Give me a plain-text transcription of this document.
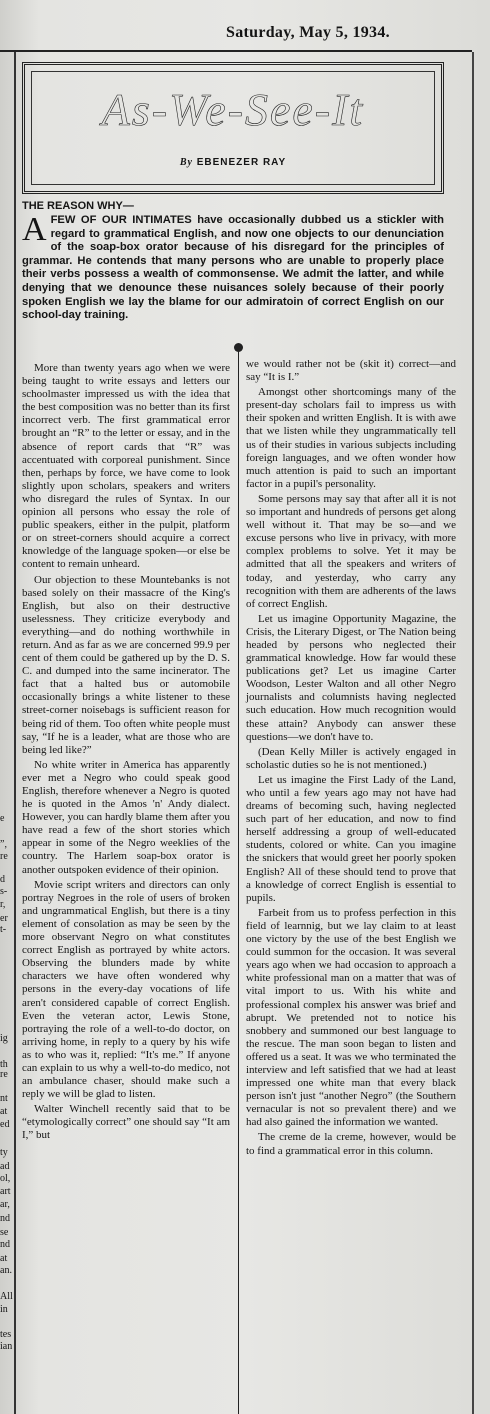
Saturday, May 5, 1934.
e
”,
re
d
s-
r,
er
t-
ig
th
re
nt
at
ed
ty
ad
ol,
art
ar,
nd
se
nd
at
an.
All
in
tes
ian
As-We-See-It
By EBENEZER RAY
THE REASON WHY—
A FEW OF OUR INTIMATES have occasionally dubbed us a stickler with regard to grammatical English, and now one objects to our denunciation of the soap-box orator because of his disregard for the principles of grammar. He contends that many persons who are unable to properly place their verbs possess a wealth of commonsense. We admit the latter, and while denying that we denounce these nuisances solely because of their poorly spoken English we lay the blame for our admiratoin of correct English on our school-day training.

More than twenty years ago when we were being taught to write essays and letters our schoolmaster impressed us with the idea that the best composition was no better than its first incorrect verb. The first grammatical error brought an “R” to the letter or essay, and in the absence of report cards that “R” was accentuated with corporeal punishment. Since then, perhaps by force, we have come to look slightly upon scholars, speakers and writers who disregard the rules of Syntax. In our opinion all persons who essay the role of public speakers, either in the pulpit, platform or on street-corners should acquire a correct knowledge of the language spoken—or else be content to remain unheard.

Our objection to these Mountebanks is not based solely on their massacre of the King's English, but also on their destructive uselessness. They criticize everybody and everything—and do nothing worthwhile in return. And as far as we are concerned 99.9 per cent of them could be gathered up by the D. S. C. and dumped into the same incinerator. The fact that a halted bus or automobile occasionally brings a white listener to these street-corner noisebags is sufficient reason for being rid of them. Too often white people must say, “If he is a leader, what are those who are being led like?”

No white writer in America has apparently ever met a Negro who could speak good English, therefore whenever a Negro is quoted he is quoted in the Amos 'n' Andy dialect. However, you can hardly blame them after you have read a few of the short stories which appear in some of the Negro weeklies of the country. The Harlem soap-box orator is another outspoken evidence of their opinion.

Movie script writers and directors can only portray Negroes in the role of users of broken and ungrammatical English, but there is a tiny element of consolation as may be seen by the more observant Negro on what constitutes correct English as portrayed by white actors. Observing the blunders made by white characters we have often wondered why persons in the every-day vocations of life aren't considered capable of correct English. Even the veteran actor, Lewis Stone, portraying the role of a well-to-do doctor, on arriving home, in reply to a query by his wife as to who was it, replied: “It's me.” If anyone can explain to us why a well-to-do medico, not an ambulance chaser, should make such a reply we will be glad to listen.

Walter Winchell recently said that to be “etymologically correct” one should say “It am I,” but

we would rather not be (skit it) correct—and say “It is I.”

Amongst other shortcomings many of the present-day scholars fail to impress us with their spoken and written English. It is with awe that we listen while they ungrammatically tell us of their studies in various subjects including foreign languages, and we often wonder how much attention is paid to such an important factor in a pupil's personality.

Some persons may say that after all it is not so important and hundreds of persons get along well without it. That may be so—and we excuse persons who live in privacy, with more complex problems to solve. Yet it may be admitted that all the speakers and writers of today, and yesterday, who carry any recognition with them are adherents of the laws of correct English.

Let us imagine Opportunity Magazine, the Crisis, the Literary Digest, or The Nation being headed by persons who neglected their grammatical knowledge. How far would these publications get? Let us imagine Carter Woodson, Lester Walton and all other Negro journalists and columnists having neglected such education. How much recognition would these attain? Anybody can answer these questions—we don't have to.

(Dean Kelly Miller is actively engaged in scholastic duties so he is not mentioned.)

Let us imagine the First Lady of the Land, who until a few years ago may not have had dreams of becoming such, having neglected such part of her education, and now to find herself addressing a group of well-educated students, colored or white. Can you imagine the snickers that would greet her poorly spoken English? All of these should tend to prove that a knowledge of correct English is essential to pupils.

Farbeit from us to profess perfection in this field of learnnig, but we lay claim to at least one victory by the use of the best English we could summon for the occasion. It was several years ago when we had occasion to approach a white professional man on a matter that was of vital import to us. With his white and professional complex his answer was brief and abrupt. We pretended not to notice his snobbery and summoned our best language to the rescue. The man soon began to listen and offered us a seat. It was we who terminated the interview and left satisfied that we had at least impressed one white man that every black person isn't just “another Negro” (the Southern vernacular is not so prevalent there) and we had also gained the information we wanted.

The creme de la creme, however, would be to find a grammatical error in this column.
